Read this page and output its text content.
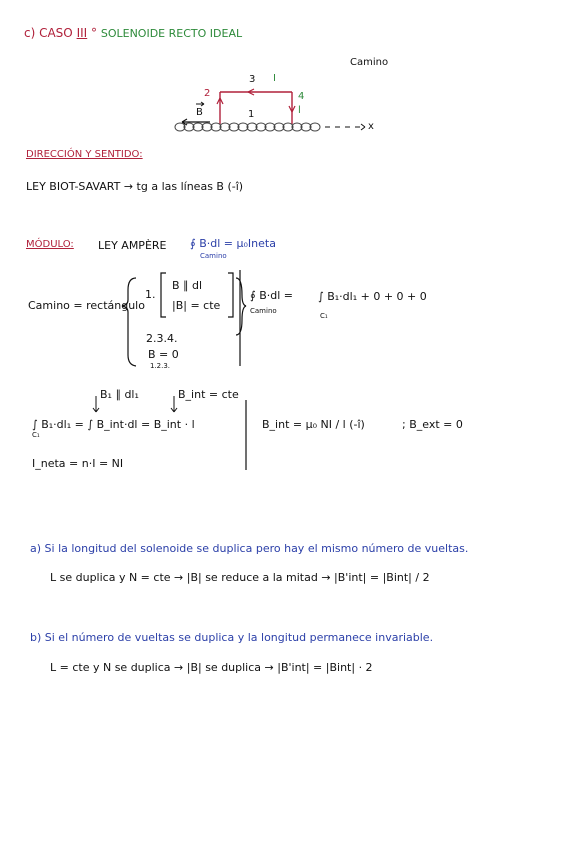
c) CASO III ° SOLENOIDE RECTO IDEAL
Camino
2
3 I
4
l
1
B
x
DIRECCIÓN Y SENTIDO:
LEY BIOT-SAVART → tg a las líneas B (-î)
MÓDULO: LEY AMPÈRE ∮ B·dl = μ₀Ineta
Camino
Camino = rectángulo
1.
B ∥ dl
|B| = cte
2.3.4.
B = 0
1.2.3.
∮ B·dl =
Camino
∫ B₁·dl₁ + 0 + 0 + 0
C₁
B₁ ∥ dl₁	B_int = cte
∫ B₁·dl₁ = ∫ B_int·dl = B_int · l
C₁
I_neta = n·I = NI
B_int = μ₀ NI / l (-î)	; B_ext = 0
a) Si la longitud del solenoide se duplica pero hay el mismo número de vueltas.
L se duplica y N = cte → |B| se reduce a la mitad → |B'int| = |Bint| / 2
b) Si el número de vueltas se duplica y la longitud permanece invariable.
L = cte y N se duplica → |B| se duplica → |B'int| = |Bint| · 2
